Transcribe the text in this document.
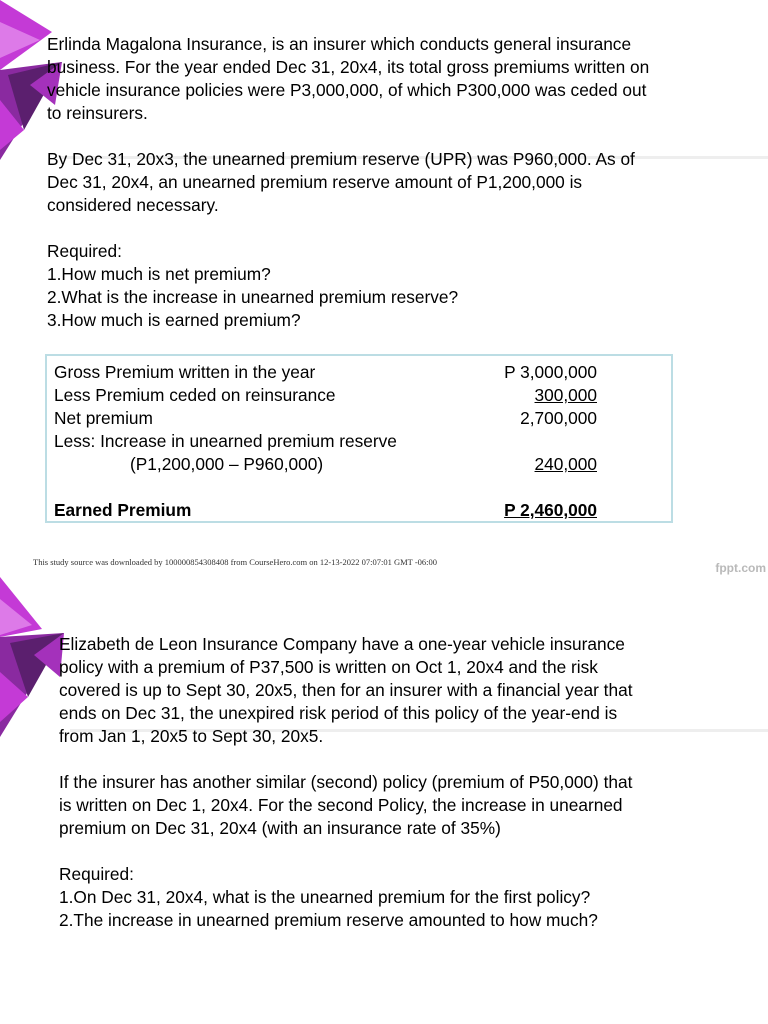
Erlinda Magalona Insurance, is an insurer which conducts general insurance
business. For the year ended Dec 31, 20x4, its total gross premiums written on
vehicle insurance policies were P3,000,000, of which P300,000 was ceded out
to reinsurers.

By Dec 31, 20x3, the unearned premium reserve (UPR) was P960,000. As of
Dec 31, 20x4, an unearned premium reserve amount of P1,200,000 is
considered necessary.

Required:

1.How much is net premium?
2.What is the increase in unearned premium reserve?
3.How much is earned premium?
Gross Premium written in the year	P 3,000,000
Less Premium ceded on reinsurance	300,000
Net premium	2,700,000
Less: Increase in unearned premium reserve
(P1,200,000 – P960,000)	240,000
Earned Premium	P 2,460,000
This study source was downloaded by 100000854308408 from CourseHero.com on 12-13-2022 07:07:01 GMT -06:00	fppt.com

Elizabeth de Leon Insurance Company have a one-year vehicle insurance
policy with a premium of P37,500 is written on Oct 1, 20x4 and the risk
covered is up to Sept 30, 20x5, then for an insurer with a financial year that
ends on Dec 31, the unexpired risk period of this policy of the year-end is
from Jan 1, 20x5 to Sept 30, 20x5.

If the insurer has another similar (second) policy (premium of P50,000) that
is written on Dec 1, 20x4. For the second Policy, the increase in unearned
premium on Dec 31, 20x4 (with an insurance rate of 35%)

Required:

1.On Dec 31, 20x4, what is the unearned premium for the first policy?
2.The increase in unearned premium reserve amounted to how much?
